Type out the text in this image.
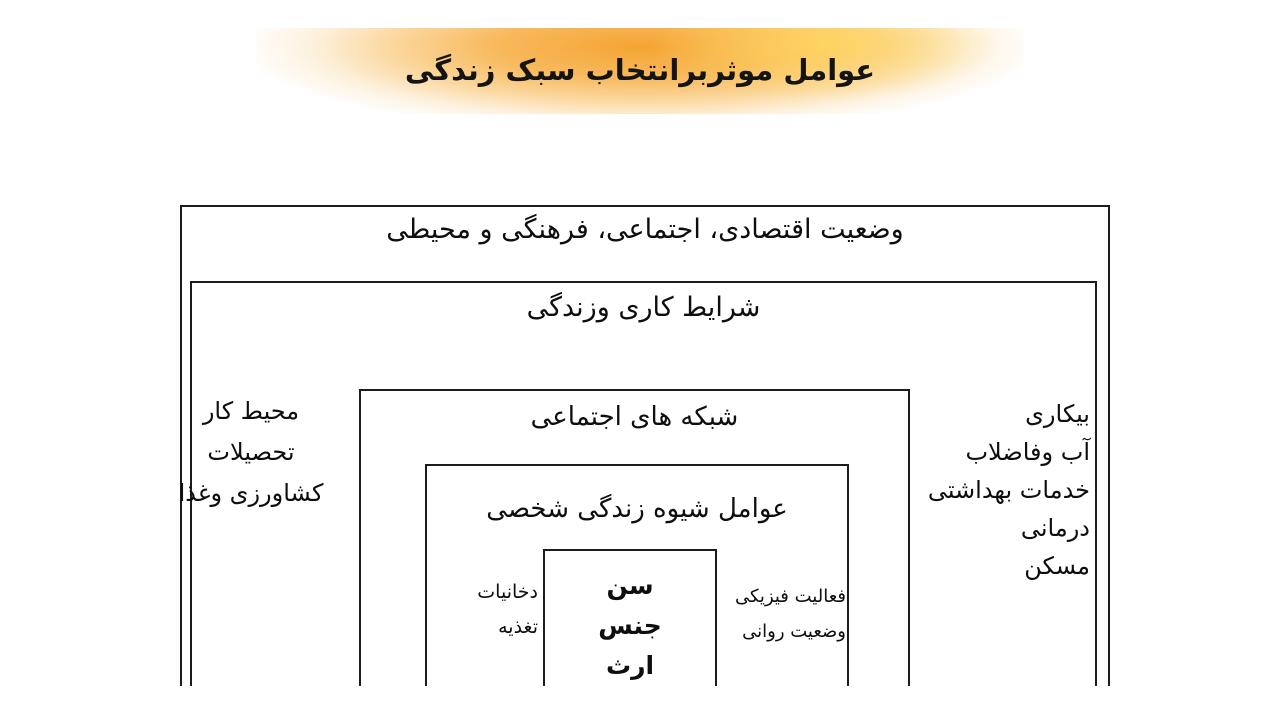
عوامل موثربرانتخاب سبک زندگی
وضعیت اقتصادی، اجتماعی، فرهنگی و محیطی
شرایط کاری وزندگی
شبکه های اجتماعی
عوامل شیوه زندگی شخصی
سن
جنس
ارث
محیط کار
تحصیلات
کشاورزی وغذا
بیکاری
آب وفاضلاب
خدمات بهداشتی
درمانی
مسکن
دخانیات
تغذیه
فعالیت فیزیکی
وضعیت روانی
